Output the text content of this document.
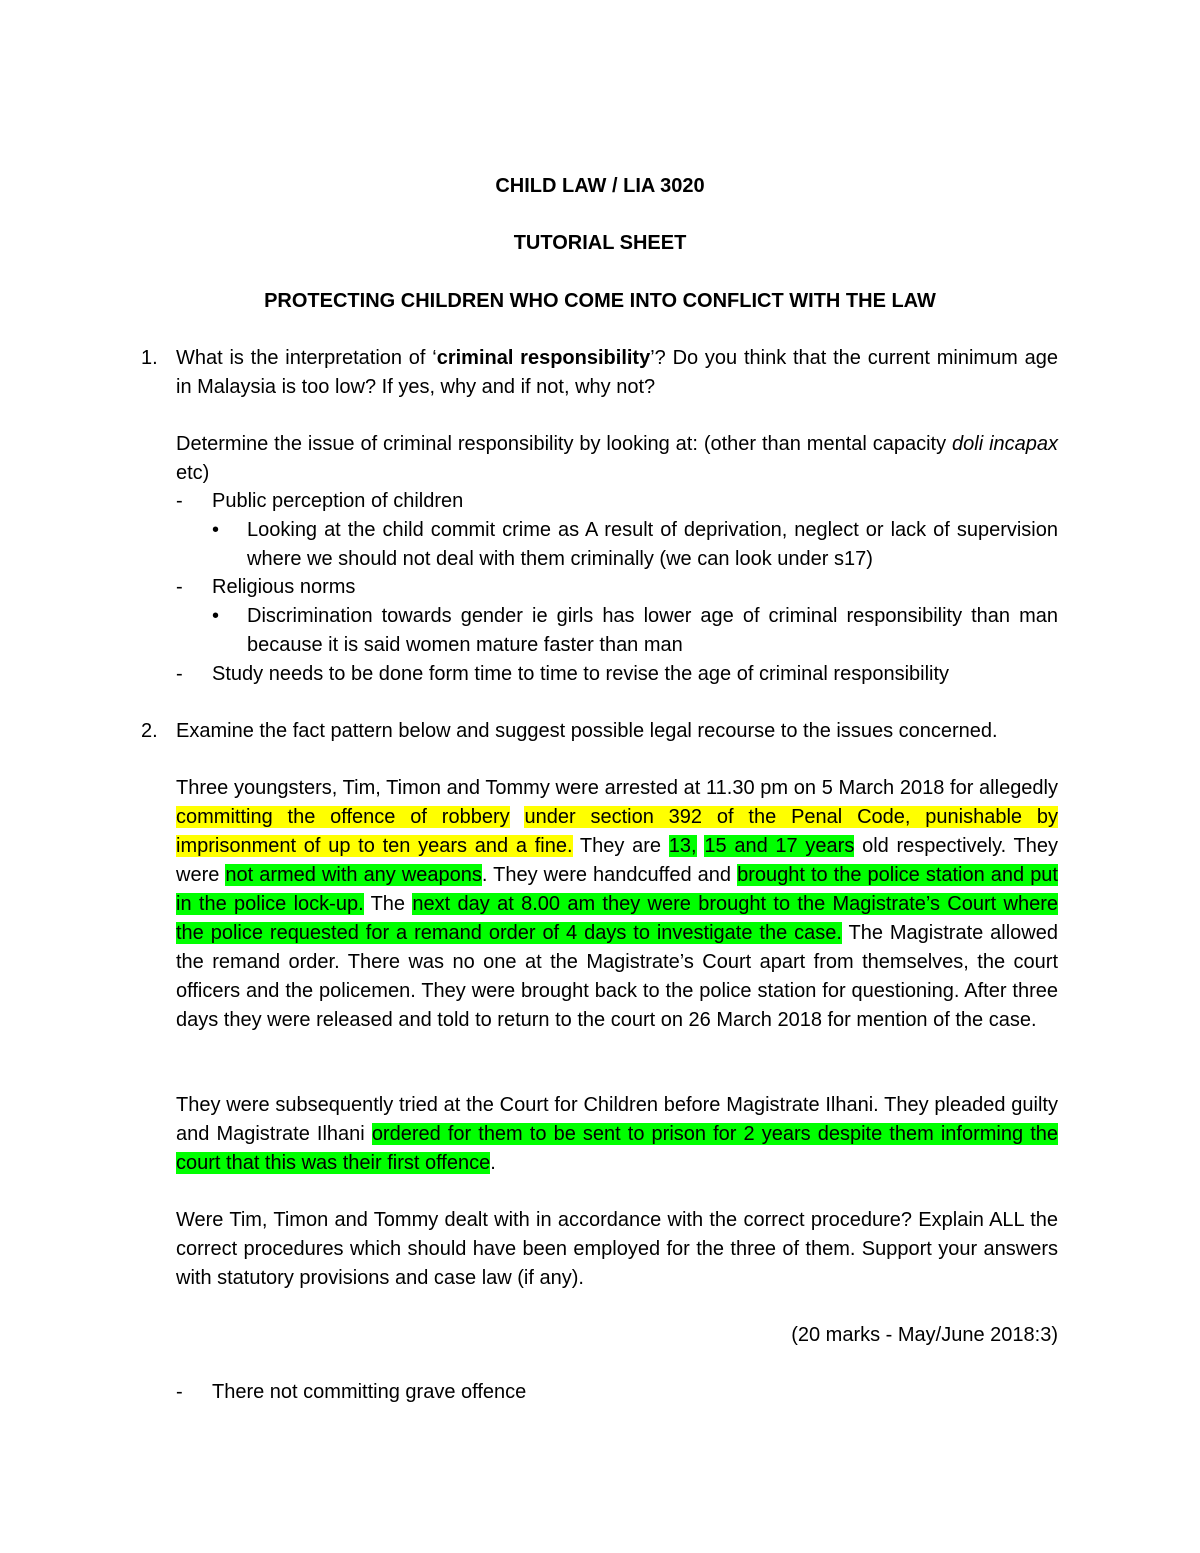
CHILD LAW / LIA 3020
TUTORIAL SHEET
PROTECTING CHILDREN WHO COME INTO CONFLICT WITH THE LAW
1. What is the interpretation of ‘criminal responsibility’? Do you think that the current minimum age in Malaysia is too low? If yes, why and if not, why not?
Determine the issue of criminal responsibility by looking at: (other than mental capacity doli incapax etc)
- Public perception of children
• Looking at the child commit crime as A result of deprivation, neglect or lack of supervision where we should not deal with them criminally (we can look under s17)
- Religious norms
• Discrimination towards gender ie girls has lower age of criminal responsibility than man because it is said women mature faster than man
- Study needs to be done form time to time to revise the age of criminal responsibility
2. Examine the fact pattern below and suggest possible legal recourse to the issues concerned.
Three youngsters, Tim, Timon and Tommy were arrested at 11.30 pm on 5 March 2018 for allegedly committing the offence of robbery under section 392 of the Penal Code, punishable by imprisonment of up to ten years and a fine. They are 13, 15 and 17 years old respectively. They were not armed with any weapons. They were handcuffed and brought to the police station and put in the police lock-up. The next day at 8.00 am they were brought to the Magistrate’s Court where the police requested for a remand order of 4 days to investigate the case. The Magistrate allowed the remand order. There was no one at the Magistrate’s Court apart from themselves, the court officers and the policemen. They were brought back to the police station for questioning. After three days they were released and told to return to the court on 26 March 2018 for mention of the case.
They were subsequently tried at the Court for Children before Magistrate Ilhani. They pleaded guilty and Magistrate Ilhani ordered for them to be sent to prison for 2 years despite them informing the court that this was their first offence.
Were Tim, Timon and Tommy dealt with in accordance with the correct procedure? Explain ALL the correct procedures which should have been employed for the three of them. Support your answers with statutory provisions and case law (if any).
(20 marks - May/June 2018:3)
- There not committing grave offence
